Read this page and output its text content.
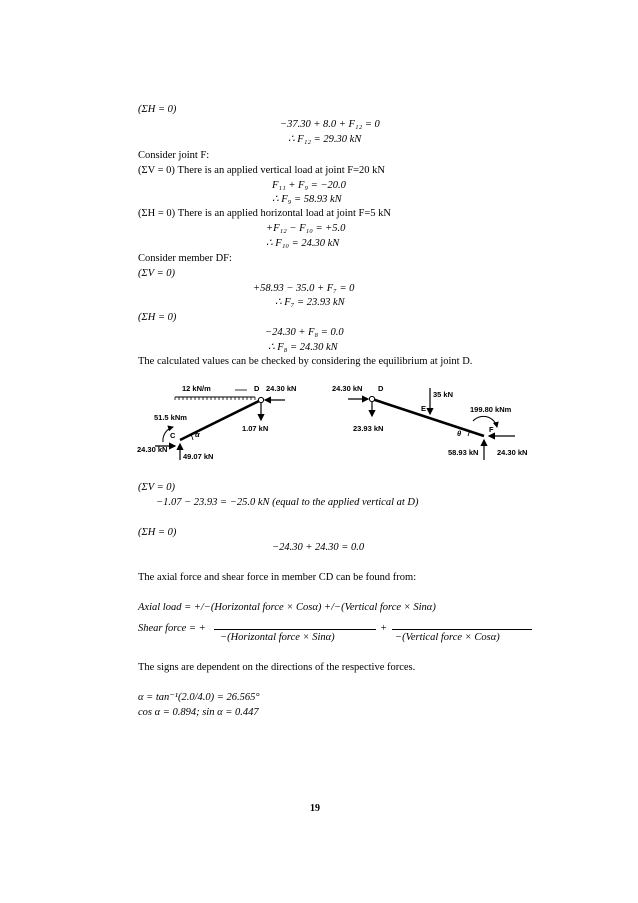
(ΣH = 0)
−37.30 + 8.0 + F₁₂ = 0
∴ F₁₂ = 29.30 kN
Consider joint F:
(ΣV = 0) There is an applied vertical load at joint F=20 kN
F₁₁ + F₉ = −20.0
∴ F₉ = 58.93 kN
(ΣH = 0) There is an applied horizontal load at joint F=5 kN
+F₁₂ − F₁₀ = +5.0
∴ F₁₀ = 24.30 kN
Consider member DF:
(ΣV = 0)
+58.93 − 35.0 + F₇ = 0
∴ F₇ = 23.93 kN
(ΣH = 0)
−24.30 + F₈ = 0.0
∴ F₈ = 24.30 kN
The calculated values can be checked by considering the equilibrium at joint D.
12 kN/m	D 24.30 kN
51.5 kNm
C	α
1.07 kN
24.30 kN
49.07 kN
24.30 kN D
35 kN
E	199.80 kNm
23.93 kN
θ	F
58.93 kN 24.30 kN
(ΣV = 0)
−1.07 − 23.93 = −25.0 kN (equal to the applied vertical at D)
(ΣH = 0)
−24.30 + 24.30 = 0.0
The axial force and shear force in member CD can be found from:
Axial load = +/−(Horizontal force × Cosα) +/−(Vertical force × Sinα)
Shear force = +
−(Horizontal force × Sinα)
+
−(Vertical force × Cosα)
The signs are dependent on the directions of the respective forces.
α = tan⁻¹(2.0/4.0) = 26.565°
cos α = 0.894; sin α = 0.447
19
